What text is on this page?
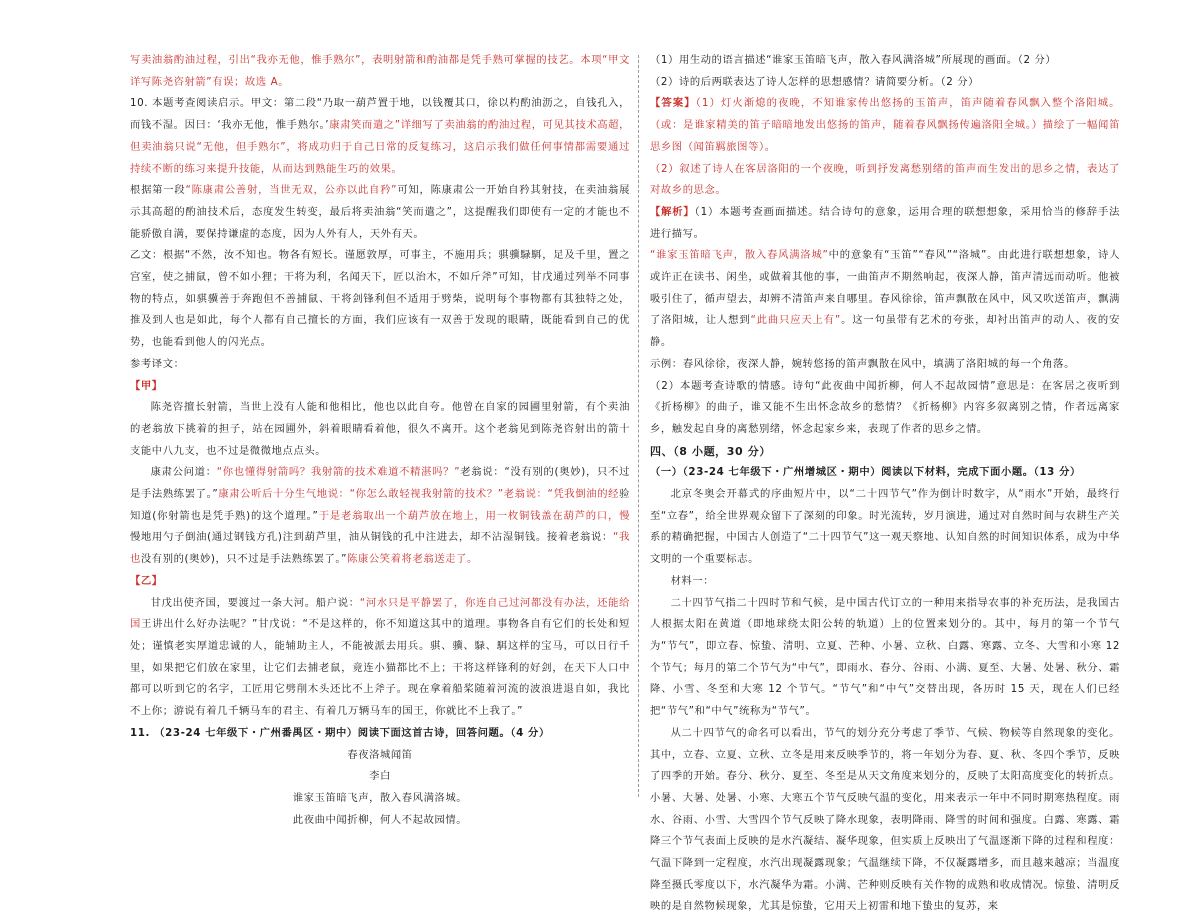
写卖油翁酌油过程，引出“我亦无他，惟手熟尔”，表明射箭和酌油都是凭手熟可掌握的技艺。本项“甲文详写陈尧咨射箭”有误；故选 A。

10. 本题考查阅读启示。甲文：第二段“乃取一葫芦置于地，以钱覆其口，徐以杓酌油沥之，自钱孔入，而钱不湿。因曰：‘我亦无他，惟手熟尔。’康肃笑而遣之”详细写了卖油翁的酌油过程，可见其技术高超，但卖油翁只说“无他，但手熟尔”，将成功归于自己日常的反复练习，这启示我们做任何事情都需要通过持续不断的练习来提升技能，从而达到熟能生巧的效果。

根据第一段“陈康肃公善射，当世无双，公亦以此自矜”可知，陈康肃公一开始自矜其射技，在卖油翁展示其高超的酌油技术后，态度发生转变，最后将卖油翁“笑而遣之”，这提醒我们即使有一定的才能也不能骄傲自满，要保持谦虚的态度，因为人外有人，天外有天。

乙文：根据“不然，汝不知也。物各有短长。谨愿敦厚，可事主，不施用兵；骐骥騄駬，足及千里，置之宫室，使之捕鼠，曾不如小狸；干将为利，名闻天下，匠以治木，不如斤斧”可知，甘戊通过列举不同事物的特点，如骐骥善于奔跑但不善捕鼠、干将剑锋利但不适用于劈柴，说明每个事物都有其独特之处，推及到人也是如此，每个人都有自己擅长的方面，我们应该有一双善于发现的眼睛，既能看到自己的优势，也能看到他人的闪光点。

参考译文：

【甲】

陈尧咨擅长射箭，当世上没有人能和他相比，他也以此自夸。他曾在自家的园圃里射箭，有个卖油的老翁放下挑着的担子，站在园圃外，斜着眼睛看着他，很久不离开。这个老翁见到陈尧咨射出的箭十支能中八九支，也不过是微微地点点头。

康肃公问道：“你也懂得射箭吗？我射箭的技术难道不精湛吗？”老翁说：“没有别的(奥妙)，只不过是手法熟练罢了。”康肃公听后十分生气地说：“你怎么敢轻视我射箭的技术？”老翁说：“凭我倒油的经验知道(你射箭也是凭手熟)的这个道理。”于是老翁取出一个葫芦放在地上，用一枚铜钱盖在葫芦的口，慢慢地用勺子倒油(通过钢钱方孔)注到葫芦里，油从铜钱的孔中注进去，却不沾湿铜钱。接着老翁说：“我也没有别的(奥妙)，只不过是手法熟练罢了。”陈康公笑着将老翁送走了。

【乙】

甘戊出使齐国，要渡过一条大河。船户说：“河水只是平静罢了，你连自己过河都没有办法，还能给国王讲出什么好办法呢？”甘戊说：“不是这样的，你不知道这其中的道理。事物各自有它们的长处和短处；谨慎老实厚道忠诚的人，能辅助主人，不能被派去用兵。骐、骥、騄、駬这样的宝马，可以日行千里，如果把它们放在家里，让它们去捕老鼠，竟连小猫都比不上；干将这样锋利的好剑，在天下人口中都可以听到它的名字，工匠用它劈削木头还比不上斧子。现在拿着船桨随着河流的波浪进退自如，我比不上你；游说有着几千辆马车的君主、有着几万辆马车的国王，你就比不上我了。”

11. （23-24 七年级下・广州番禺区・期中）阅读下面这首古诗，回答问题。（4 分）

春夜洛城闻笛

李白

谁家玉笛暗飞声，散入春风满洛城。

此夜曲中闻折柳，何人不起故园情。

（1）用生动的语言描述“谁家玉笛暗飞声，散入春风满洛城”所展现的画面。（2 分）

（2）诗的后两联表达了诗人怎样的思想感情？请简要分析。（2 分）

【答案】（1）灯火渐熄的夜晚，不知谁家传出悠扬的玉笛声，笛声随着春风飘入整个洛阳城。（或：是谁家精美的笛子暗暗地发出悠扬的笛声，随着春风飘扬传遍洛阳全城。）描绘了一幅闻笛思乡图（闻笛羁旅图等）。

（2）叙述了诗人在客居洛阳的一个夜晚，听到抒发离愁别绪的笛声而生发出的思乡之情，表达了对故乡的思念。

【解析】（1）本题考查画面描述。结合诗句的意象，运用合理的联想想象，采用恰当的修辞手法进行描写。

“谁家玉笛暗飞声，散入春风满洛城”中的意象有“玉笛”“春风”“洛城”。由此进行联想想象，诗人或许正在读书、闲坐，或做着其他的事，一曲笛声不期然响起，夜深人静，笛声清远而动听。他被吸引住了，循声望去，却辨不清笛声来自哪里。春风徐徐，笛声飘散在风中，风又吹送笛声，飘满了洛阳城，让人想到“此曲只应天上有”。这一句虽带有艺术的夸张，却衬出笛声的动人、夜的安静。

示例：春风徐徐，夜深人静，婉转悠扬的笛声飘散在风中，填满了洛阳城的每一个角落。

（2）本题考查诗歌的情感。诗句“此夜曲中闻折柳，何人不起故园情”意思是：在客居之夜听到《折杨柳》的曲子，谁又能不生出怀念故乡的愁情？《折杨柳》内容多叙离别之情，作者远离家乡，触发起自身的离愁别绪，怀念起家乡来，表现了作者的思乡之情。

四、（8 小题，30 分）

（一）（23-24 七年级下・广州增城区・期中）阅读以下材料，完成下面小题。（13 分）

北京冬奥会开幕式的序曲短片中，以“二十四节气”作为倒计时数字，从“雨水”开始，最终行至“立春”，给全世界观众留下了深刻的印象。时光流转，岁月演进，通过对自然时间与农耕生产关系的精确把握，中国古人创造了“二十四节气”这一观天察地、认知自然的时间知识体系，成为中华文明的一个重要标志。

材料一：

二十四节气指二十四时节和气候，是中国古代订立的一种用来指导农事的补充历法，是我国古人根据太阳在黄道（即地球绕太阳公转的轨道）上的位置来划分的。其中，每月的第一个节气为“节气”，即立春、惊蛰、清明、立夏、芒种、小暑、立秋、白露、寒露、立冬、大雪和小寒 12 个节气；每月的第二个节气为“中气”，即雨水、春分、谷雨、小满、夏至、大暑、处暑、秋分、霜降、小雪、冬至和大寒 12 个节气。“节气”和“中气”交替出现，各历时 15 天，现在人们已经把“节气”和“中气”统称为“节气”。

从二十四节气的命名可以看出，节气的划分充分考虑了季节、气候、物候等自然现象的变化。其中，立春、立夏、立秋、立冬是用来反映季节的，将一年划分为春、夏、秋、冬四个季节，反映了四季的开始。春分、秋分、夏至、冬至是从天文角度来划分的，反映了太阳高度变化的转折点。小暑、大暑、处暑、小寒、大寒五个节气反映气温的变化，用来表示一年中不同时期寒热程度。雨水、谷雨、小雪、大雪四个节气反映了降水现象，表明降雨、降雪的时间和强度。白露、寒露、霜降三个节气表面上反映的是水汽凝结、凝华现象，但实质上反映出了气温逐渐下降的过程和程度：气温下降到一定程度，水汽出现凝露现象；气温继续下降，不仅凝露增多，而且越来越凉；当温度降至摄氏零度以下，水汽凝华为霜。小满、芒种则反映有关作物的成熟和收成情况。惊蛰、清明反映的是自然物候现象，尤其是惊蛰，它用天上初雷和地下蛰虫的复苏，来
